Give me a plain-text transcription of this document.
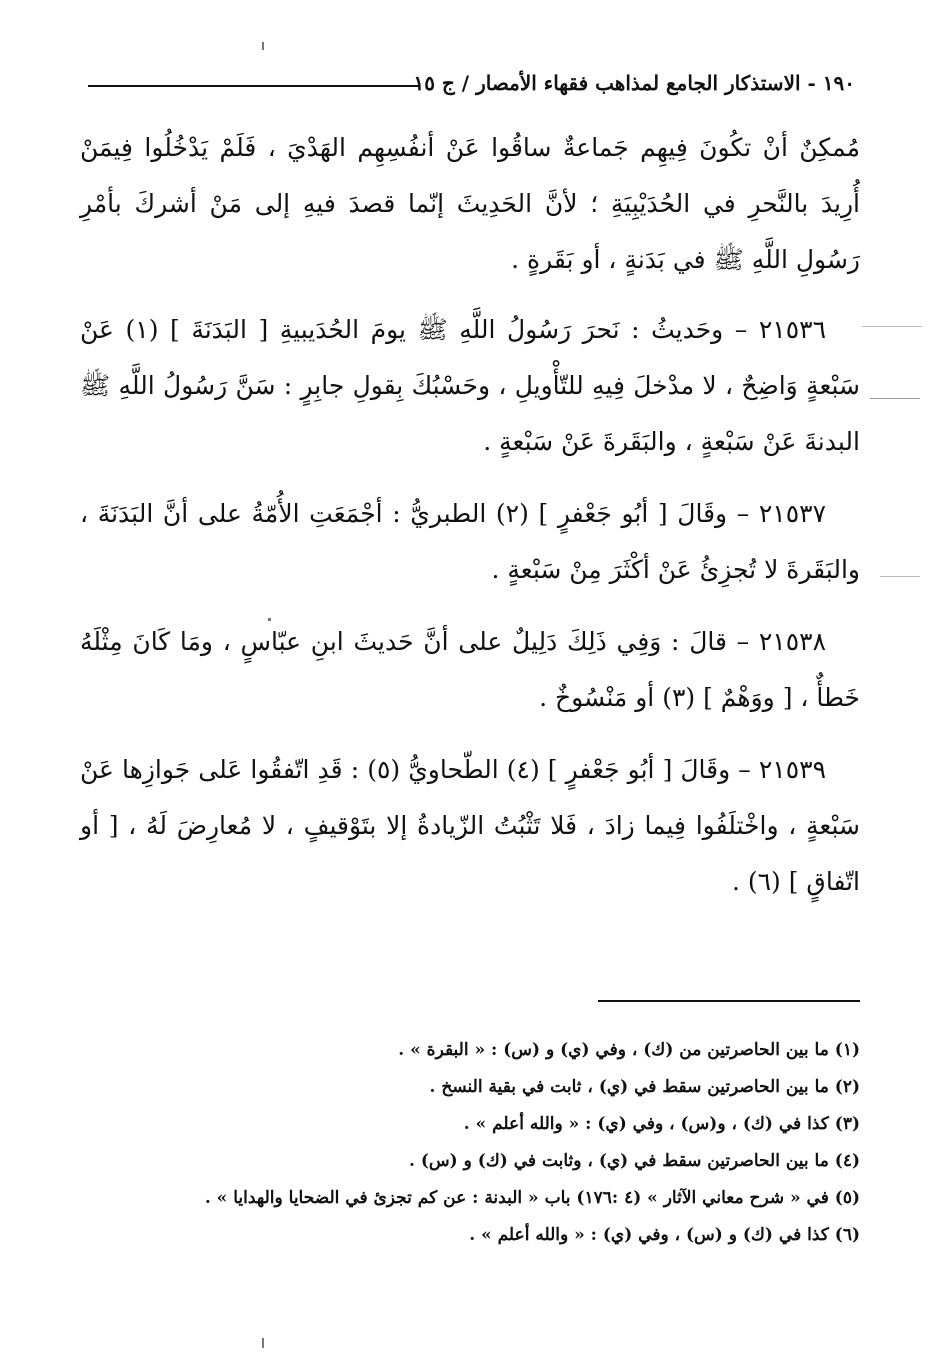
١٩٠ - الاستذكار الجامع لمذاهب فقهاء الأمصار / ج ١٥

مُمكِنٌ أنْ تكُونَ فِيهِم جَماعةٌ ساقُوا عَنْ أنفُسِهِم الهَدْيَ ، فَلَمْ يَدْخُلُوا فِيمَنْ أُرِيدَ بالنَّحرِ في الحُدَيْبِيَةِ ؛ لأنَّ الحَدِيثَ إنّما قصدَ فيهِ إلى مَنْ أشركَ بأمْرِ رَسُولِ اللَّهِ ﷺ في بَدَنةٍ ، أو بَقَرةٍ .

٢١٥٣٦ – وحَديثُ : نَحرَ رَسُولُ اللَّهِ ﷺ يومَ الحُدَيبيةِ [ البَدَنَةَ ] (١) عَنْ سَبْعةٍ وَاضِحٌ ، لا مدْخلَ فِيهِ للتّأْويلِ ، وحَسْبُكَ بِقولِ جابِرٍ : سَنَّ رَسُولُ اللَّهِ ﷺ البدنةَ عَنْ سَبْعةٍ ، والبَقَرةَ عَنْ سَبْعةٍ .

٢١٥٣٧ – وقَالَ [ أبُو جَعْفرٍ ] (٢) الطبريُّ : أجْمَعَتِ الأُمّةُ على أنَّ البَدَنَةَ ، والبَقَرةَ لا تُجزِئُ عَنْ أكْثَرَ مِنْ سَبْعةٍ .

٢١٥٣٨ – قالَ : وَفِي ذَلِكَ دَلِيلٌ على أنَّ حَديثَ ابنِ عبّاسٍ ، ومَا كَانَ مِثْلَهُ خَطأٌ ، [ ووَهْمٌ ] (٣) أو مَنْسُوخٌ .

٢١٥٣٩ – وقَالَ [ أبُو جَعْفرٍ ] (٤) الطّحاويُّ (٥) : قَدِ اتّفقُوا عَلى جَوازِها عَنْ سَبْعةٍ ، واخْتلَفُوا فِيما زادَ ، فَلا تَثْبُتُ الزّيادةُ إلا بتَوْقيفٍ ، لا مُعارِضَ لَهُ ، [ أو اتّفاقٍ ] (٦) .

(١) ما بين الحاصرتين من (ك) ، وفي (ي) و (س) : « البقرة » .

(٢) ما بين الحاصرتين سقط في (ي) ، ثابت في بقية النسخ .

(٣) كذا في (ك) ، و(س) ، وفي (ي) : « والله أعلم » .

(٤) ما بين الحاصرتين سقط في (ي) ، وثابت في (ك) و (س) .

(٥) في « شرح معاني الآثار » (٤ :١٧٦) باب « البدنة : عن كم تجزئ في الضحايا والهدايا » .

(٦) كذا في (ك) و (س) ، وفي (ي) : « والله أعلم » .
